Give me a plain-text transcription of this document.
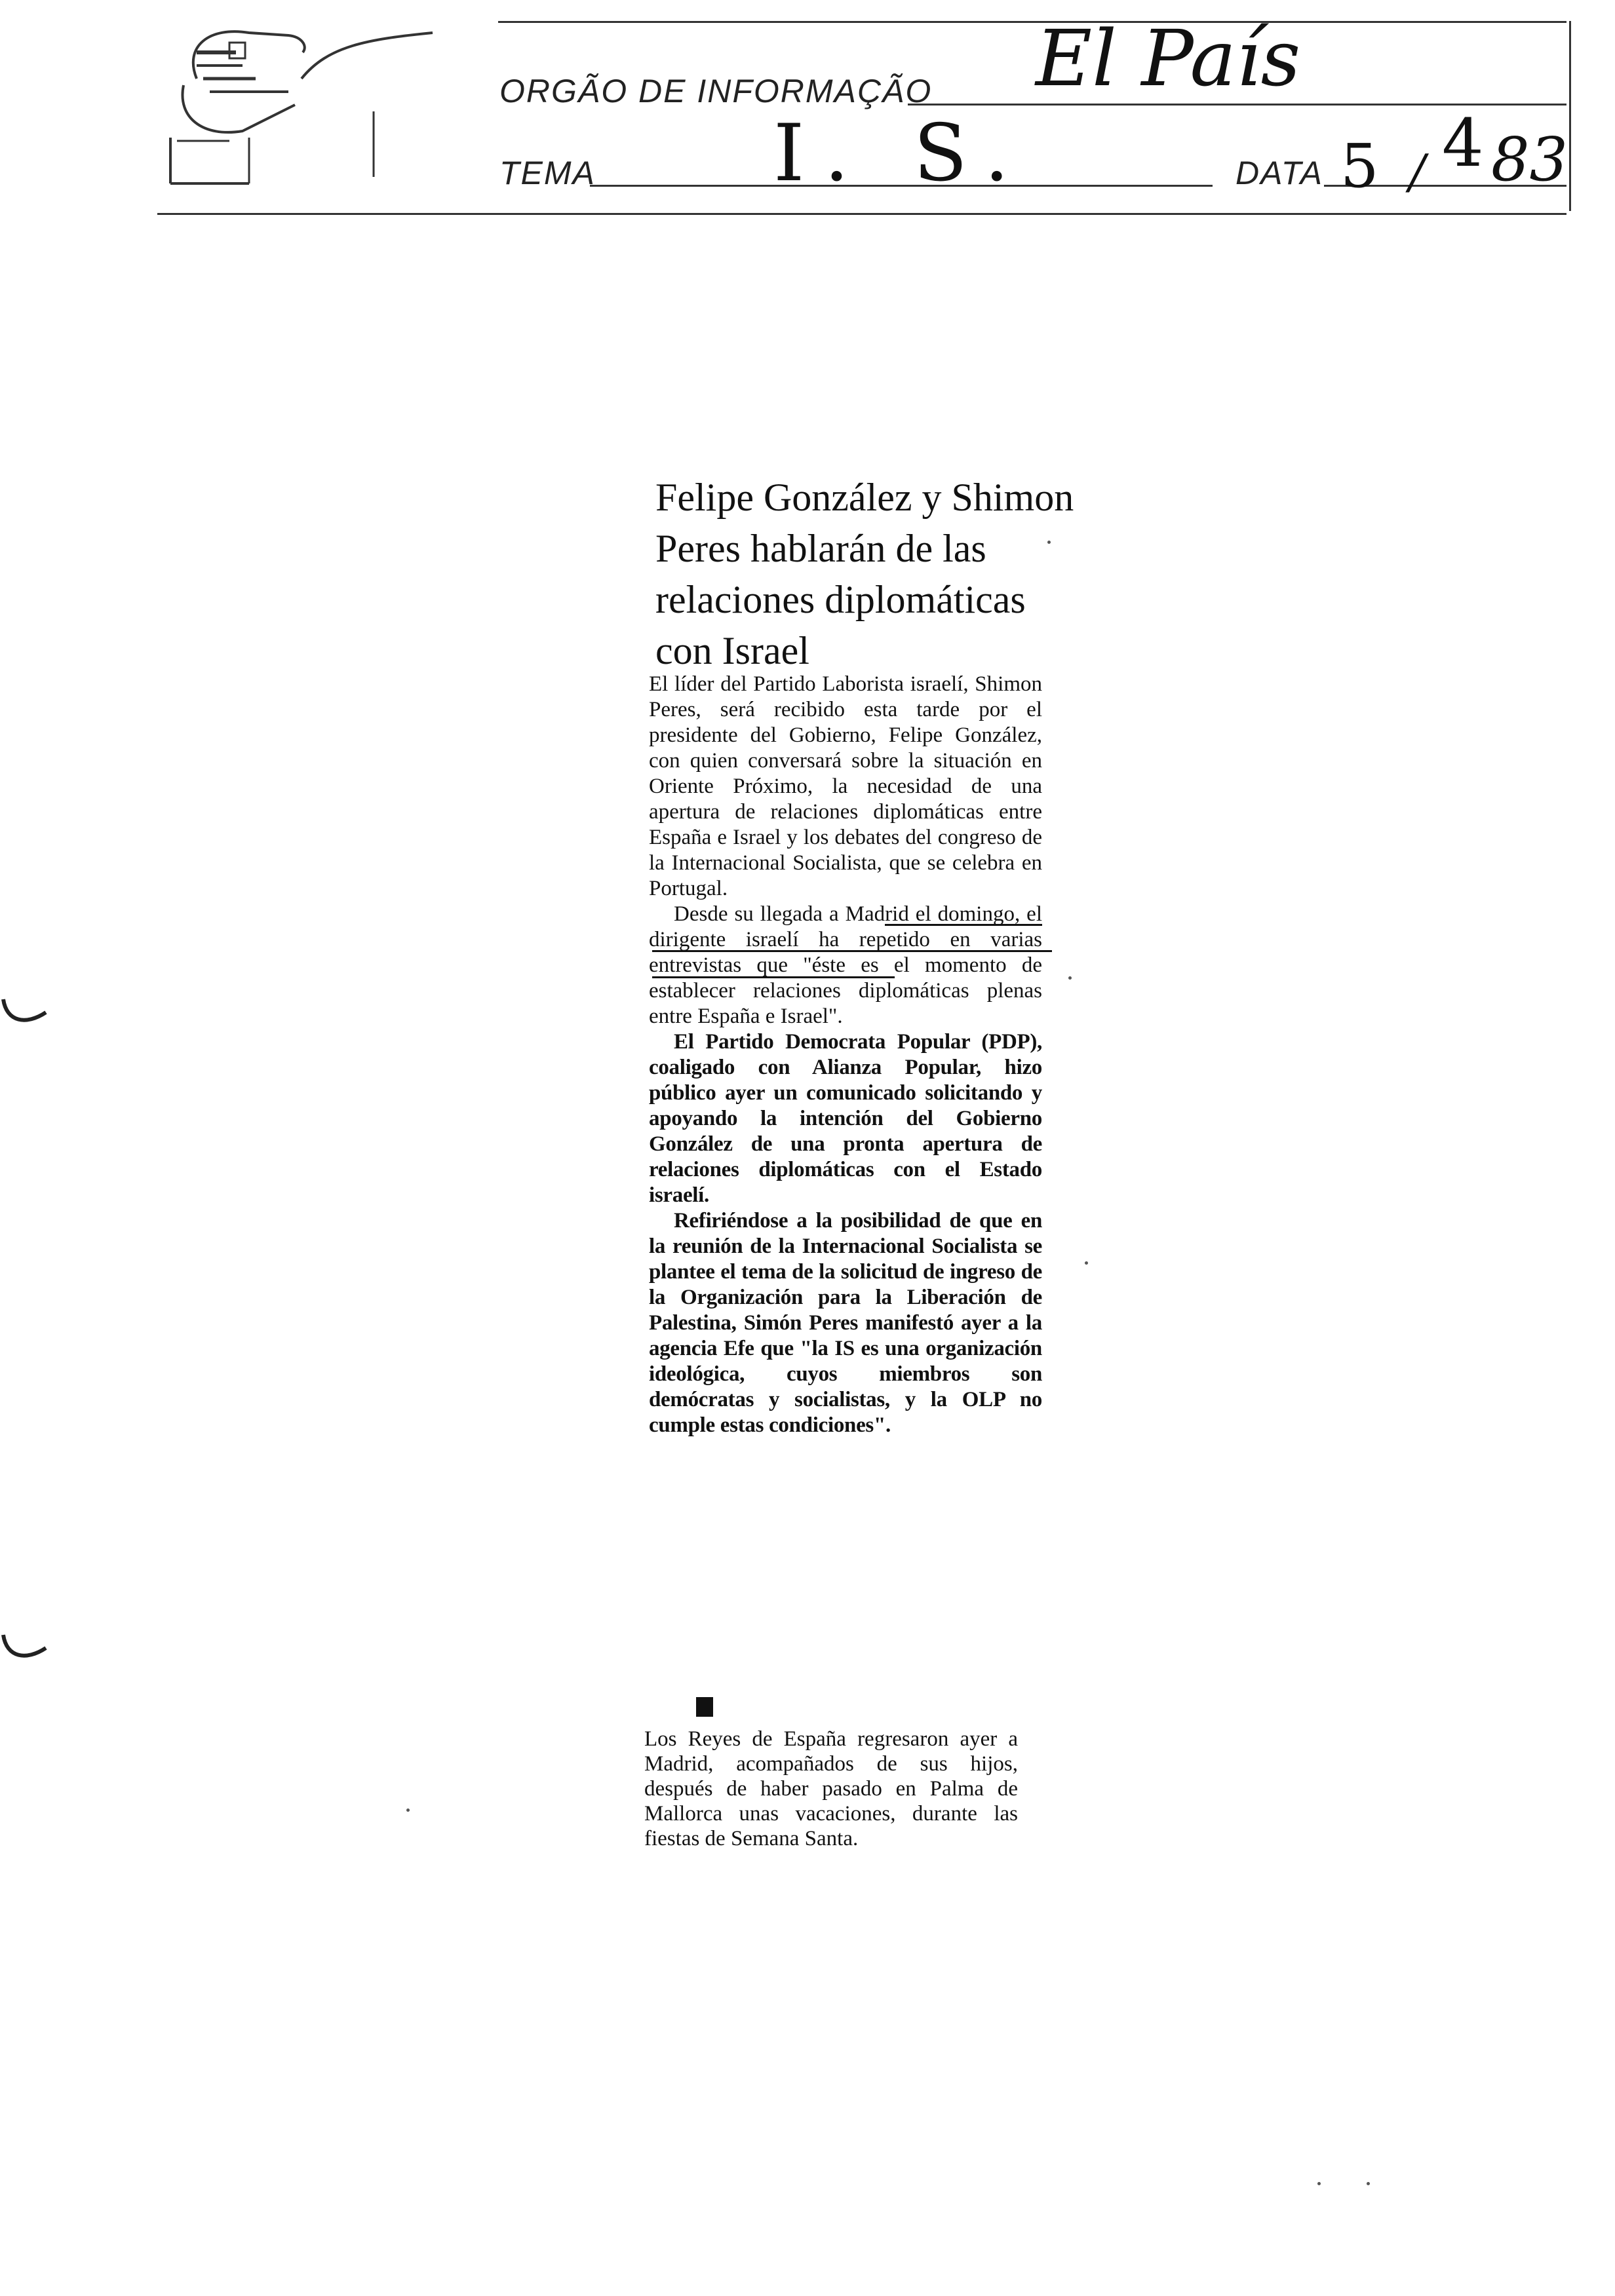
ORGÃO DE INFORMAÇÃO El País
TEMA I. S.	DATA 5 / 4 83
Felipe González y Shimon Peres hablarán de las relaciones diplomáticas con Israel

El líder del Partido Laborista israelí, Shimon Peres, será recibido esta tarde por el presidente del Gobierno, Felipe González, con quien conversará sobre la situación en Oriente Próximo, la necesidad de una apertura de relaciones diplomáticas entre España e Israel y los debates del congreso de la Internacional Socialista, que se celebra en Portugal.

Desde su llegada a Madrid el domingo, el dirigente israelí ha repetido en varias entrevistas que "éste es el momento de establecer relaciones diplomáticas plenas entre España e Israel".

El Partido Democrata Popular (PDP), coaligado con Alianza Popular, hizo público ayer un comunicado solicitando y apoyando la intención del Gobierno González de una pronta apertura de relaciones diplomáticas con el Estado israelí.

Refiriéndose a la posibilidad de que en la reunión de la Internacional Socialista se plantee el tema de la solicitud de ingreso de la Organización para la Liberación de Palestina, Simón Peres manifestó ayer a la agencia Efe que "la IS es una organización ideológica, cuyos miembros son demócratas y socialistas, y la OLP no cumple estas condiciones".

Los Reyes de España regresaron ayer a Madrid, acompañados de sus hijos, después de haber pasado en Palma de Mallorca unas vacaciones, durante las fiestas de Semana Santa.
